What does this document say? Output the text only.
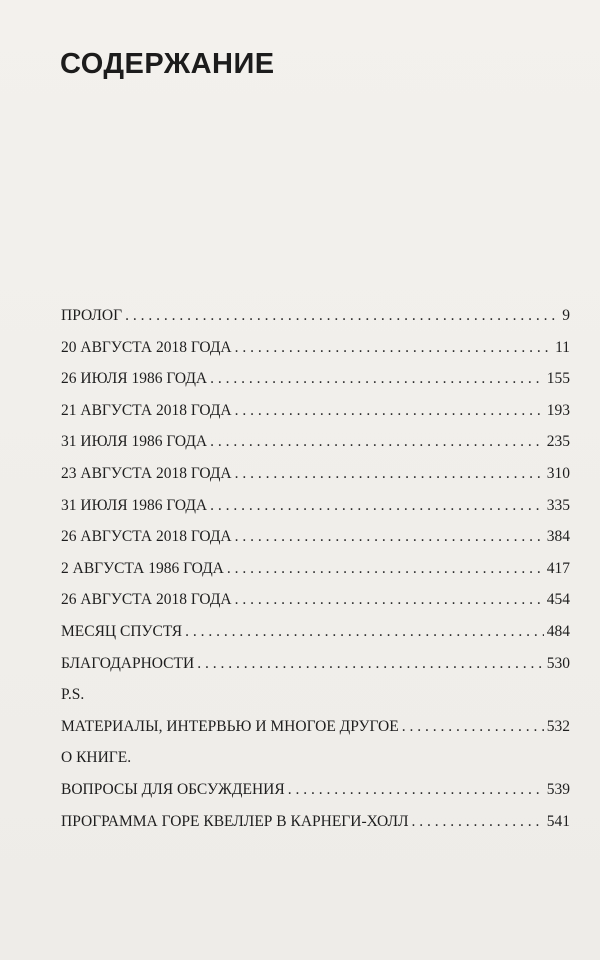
СОДЕРЖАНИЕ
ПРОЛОГ . . .	9
20 АВГУСТА 2018 ГОДА . . .	11
26 ИЮЛЯ 1986 ГОДА . . .	155
21 АВГУСТА 2018 ГОДА . . .	193
31 ИЮЛЯ 1986 ГОДА . . .	235
23 АВГУСТА 2018 ГОДА . . .	310
31 ИЮЛЯ 1986 ГОДА . . .	335
26 АВГУСТА 2018 ГОДА . . .	384
2 АВГУСТА 1986 ГОДА . . .	417
26 АВГУСТА 2018 ГОДА . . .	454
МЕСЯЦ СПУСТЯ . . .	484
БЛАГОДАРНОСТИ . . .	530
P.S.
МАТЕРИАЛЫ, ИНТЕРВЬЮ И МНОГОЕ ДРУГОЕ . . .	532
О КНИГЕ.
ВОПРОСЫ ДЛЯ ОБСУЖДЕНИЯ . . .	539
ПРОГРАММА ГОРЕ КВЕЛЛЕР В КАРНЕГИ-ХОЛЛ . . .	541
